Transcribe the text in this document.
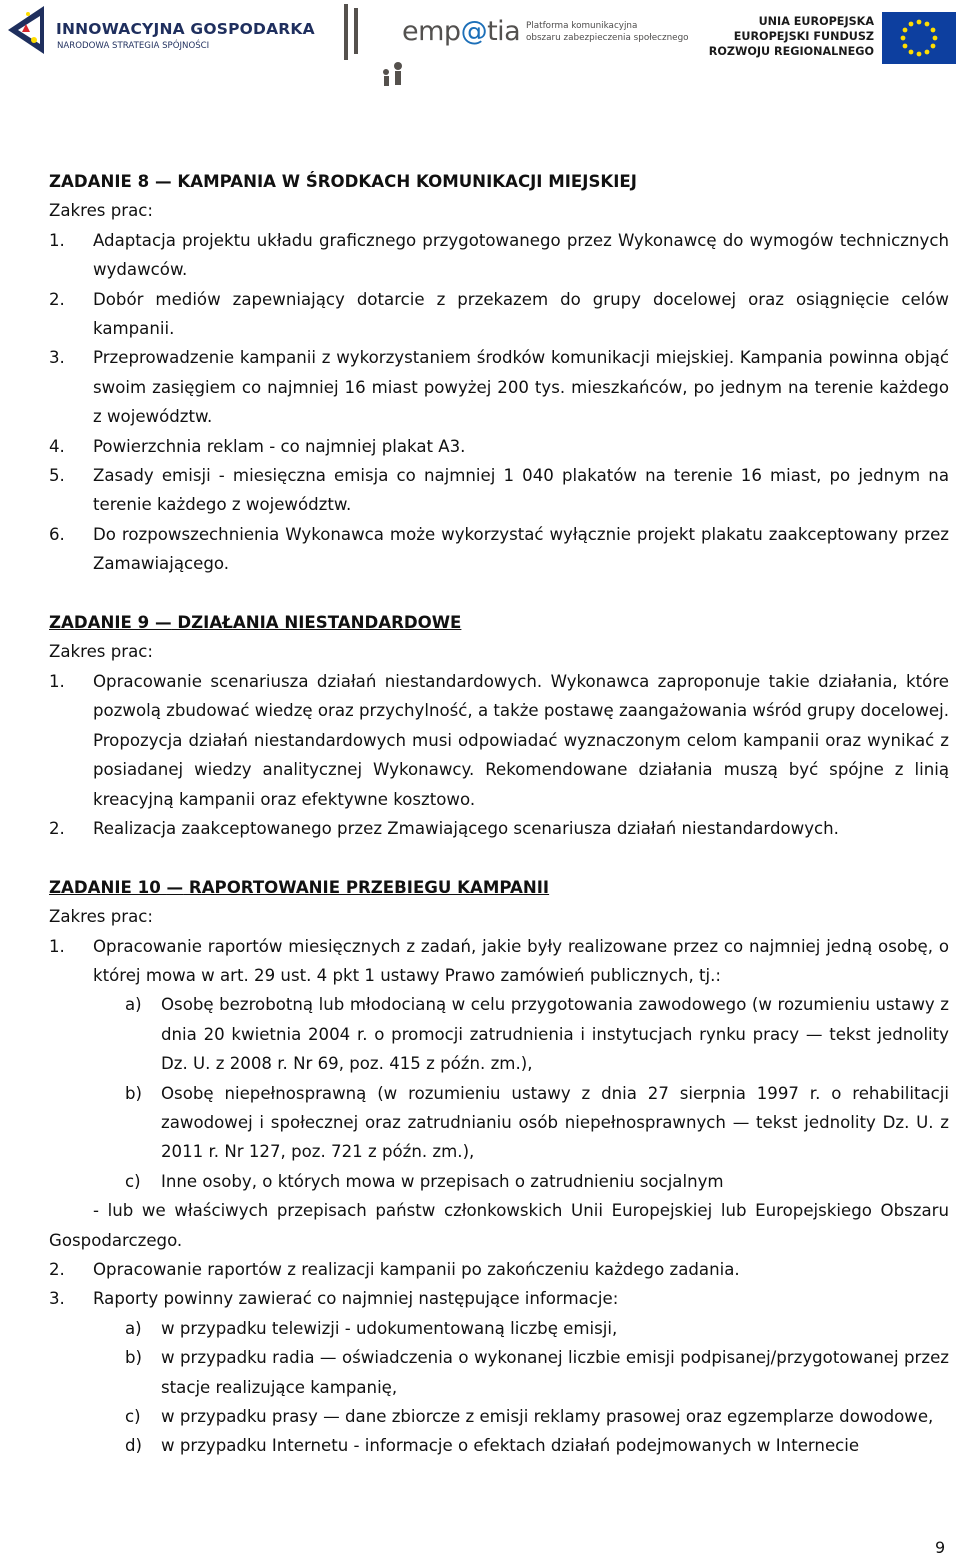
INNOWACYJNA GOSPODARKA
NARODOWA STRATEGIA SPÓJNOŚCI	emp@tia Platforma komunikacyjna
obszaru zabezpieczenia społecznego
UNIA EUROPEJSKA
EUROPEJSKI FUNDUSZ
ROZWOJU REGIONALNEGO

ZADANIE 8 — KAMPANIA W ŚRODKACH KOMUNIKACJI MIEJSKIEJ

Zakres prac:

1.	Adaptacja projektu układu graficznego przygotowanego przez Wykonawcę do wymogów technicznych wydawców.
2.	Dobór mediów zapewniający dotarcie z przekazem do grupy docelowej oraz osiągnięcie celów kampanii.
3.	Przeprowadzenie kampanii z wykorzystaniem środków komunikacji miejskiej. Kampania powinna objąć swoim zasięgiem co najmniej 16 miast powyżej 200 tys. mieszkańców, po jednym na terenie każdego z województw.
4.	Powierzchnia reklam - co najmniej plakat A3.
5.	Zasady emisji - miesięczna emisja co najmniej 1 040 plakatów na terenie 16 miast, po jednym na terenie każdego z województw.
6.	Do rozpowszechnienia Wykonawca może wykorzystać wyłącznie projekt plakatu zaakceptowany przez Zamawiającego.

ZADANIE 9 — DZIAŁANIA NIESTANDARDOWE

Zakres prac:

1.	Opracowanie scenariusza działań niestandardowych. Wykonawca zaproponuje takie działania, które pozwolą zbudować wiedzę oraz przychylność, a także postawę zaangażowania wśród grupy docelowej. Propozycja działań niestandardowych musi odpowiadać wyznaczonym celom kampanii oraz wynikać z posiadanej wiedzy analitycznej Wykonawcy. Rekomendowane działania muszą być spójne z linią kreacyjną kampanii oraz efektywne kosztowo.
2.	Realizacja zaakceptowanego przez Zmawiającego scenariusza działań niestandardowych.

ZADANIE 10 — RAPORTOWANIE PRZEBIEGU KAMPANII

Zakres prac:

1.	Opracowanie raportów miesięcznych z zadań, jakie były realizowane przez co najmniej jedną osobę, o której mowa w art. 29 ust. 4 pkt 1 ustawy Prawo zamówień publicznych, tj.:
a)	Osobę bezrobotną lub młodocianą w celu przygotowania zawodowego (w rozumieniu ustawy z dnia 20 kwietnia 2004 r. o promocji zatrudnienia i instytucjach rynku pracy — tekst jednolity Dz. U. z 2008 r. Nr 69, poz. 415 z późn. zm.),
b)	Osobę niepełnosprawną (w rozumieniu ustawy z dnia 27 sierpnia 1997 r. o rehabilitacji zawodowej i społecznej oraz zatrudnianiu osób niepełnosprawnych — tekst jednolity Dz. U. z 2011 r. Nr 127, poz. 721 z późn. zm.),
c)	Inne osoby, o których mowa w przepisach o zatrudnieniu socjalnym

- lub we właściwych przepisach państw członkowskich Unii Europejskiej lub Europejskiego Obszaru Gospodarczego.

2.	Opracowanie raportów z realizacji kampanii po zakończeniu każdego zadania.
3.	Raporty powinny zawierać co najmniej następujące informacje:
a)	w przypadku telewizji - udokumentowaną liczbę emisji,
b)	w przypadku radia — oświadczenia o wykonanej liczbie emisji podpisanej/przygotowanej przez stacje realizujące kampanię,
c)	w przypadku prasy — dane zbiorcze z emisji reklamy prasowej oraz egzemplarze dowodowe,
d)	w przypadku Internetu - informacje o efektach działań podejmowanych w Internecie
9
